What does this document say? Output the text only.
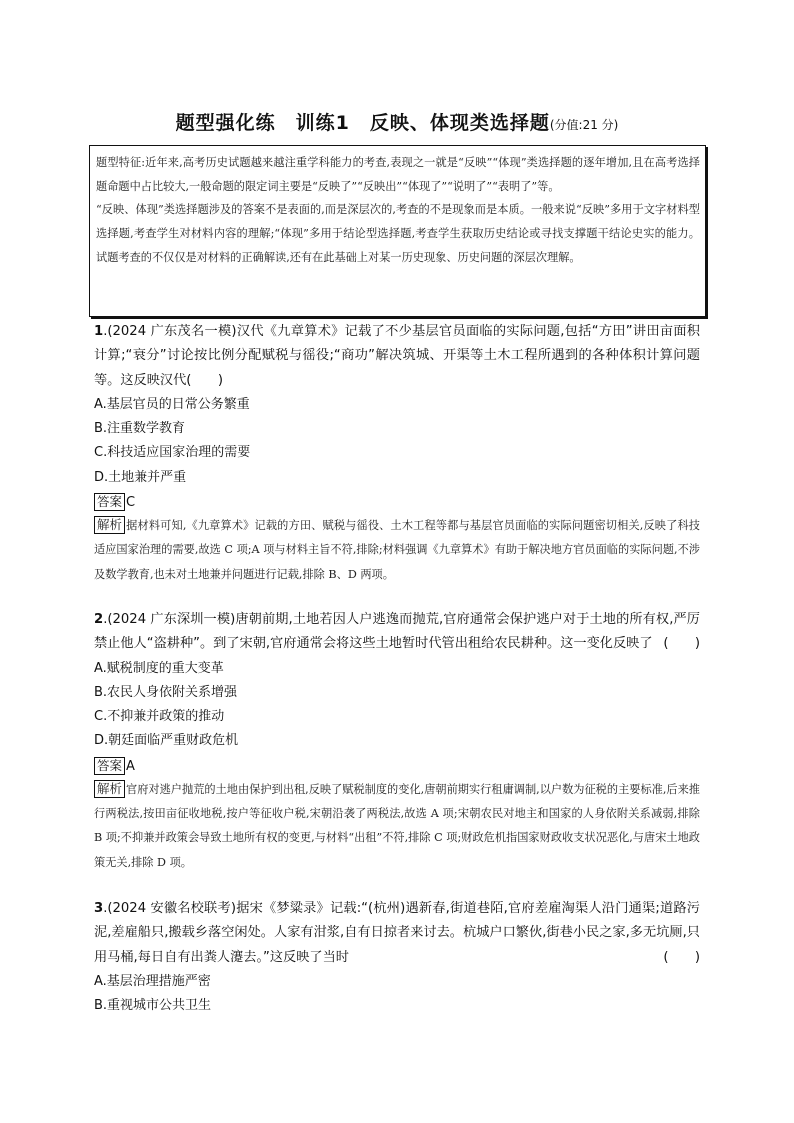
题型强化练　训练1　反映、体现类选择题(分值:21 分)

题型特征:近年来,高考历史试题越来越注重学科能力的考查,表现之一就是“反映”“体现”类选择题的逐年增加,且在高考选择题命题中占比较大,一般命题的限定词主要是“反映了”“反映出”“体现了”“说明了”“表明了”等。

“反映、体现”类选择题涉及的答案不是表面的,而是深层次的,考查的不是现象而是本质。一般来说“反映”多用于文字材料型选择题,考查学生对材料内容的理解;“体现”多用于结论型选择题,考查学生获取历史结论或寻找支撑题干结论史实的能力。试题考查的不仅仅是对材料的正确解读,还有在此基础上对某一历史现象、历史问题的深层次理解。

1.(2024 广东茂名一模)汉代《九章算术》记载了不少基层官员面临的实际问题,包括“方田”讲田亩面积计算;“衰分”讨论按比例分配赋税与徭役;“商功”解决筑城、开渠等土木工程所遇到的各种体积计算问题等。这反映汉代(　　)

A.基层官员的日常公务繁重
B.注重数学教育
C.科技适应国家治理的需要
D.土地兼并严重

答案 C

解析 据材料可知,《九章算术》记载的方田、赋税与徭役、土木工程等都与基层官员面临的实际问题密切相关,反映了科技适应国家治理的需要,故选 C 项;A 项与材料主旨不符,排除;材料强调《九章算术》有助于解决地方官员面临的实际问题,不涉及数学教育,也未对土地兼并问题进行记载,排除 B、D 两项。

2.(2024 广东深圳一模)唐朝前期,土地若因人户逃逸而抛荒,官府通常会保护逃户对于土地的所有权,严厉禁止他人“盗耕种”。到了宋朝,官府通常会将这些土地暂时代管出租给农民耕种。这一变化反映了 (　　)

A.赋税制度的重大变革
B.农民人身依附关系增强
C.不抑兼并政策的推动
D.朝廷面临严重财政危机

答案 A

解析 官府对逃户抛荒的土地由保护到出租,反映了赋税制度的变化,唐朝前期实行租庸调制,以户数为征税的主要标准,后来推行两税法,按田亩征收地税,按户等征收户税,宋朝沿袭了两税法,故选 A 项;宋朝农民对地主和国家的人身依附关系减弱,排除 B 项;不抑兼并政策会导致土地所有权的变更,与材料“出租”不符,排除 C 项;财政危机指国家财政收支状况恶化,与唐宋土地政策无关,排除 D 项。

3.(2024 安徽名校联考)据宋《梦粱录》记载:“(杭州)遇新春,街道巷陌,官府差雇淘渠人沿门通渠;道路污泥,差雇船只,搬载乡落空闲处。人家有泔浆,自有日掠者来讨去。杭城户口繁伙,街巷小民之家,多无坑厕,只用马桶,每日自有出粪人瀽去。”这反映了当时	(　　)

A.基层治理措施严密
B.重视城市公共卫生
